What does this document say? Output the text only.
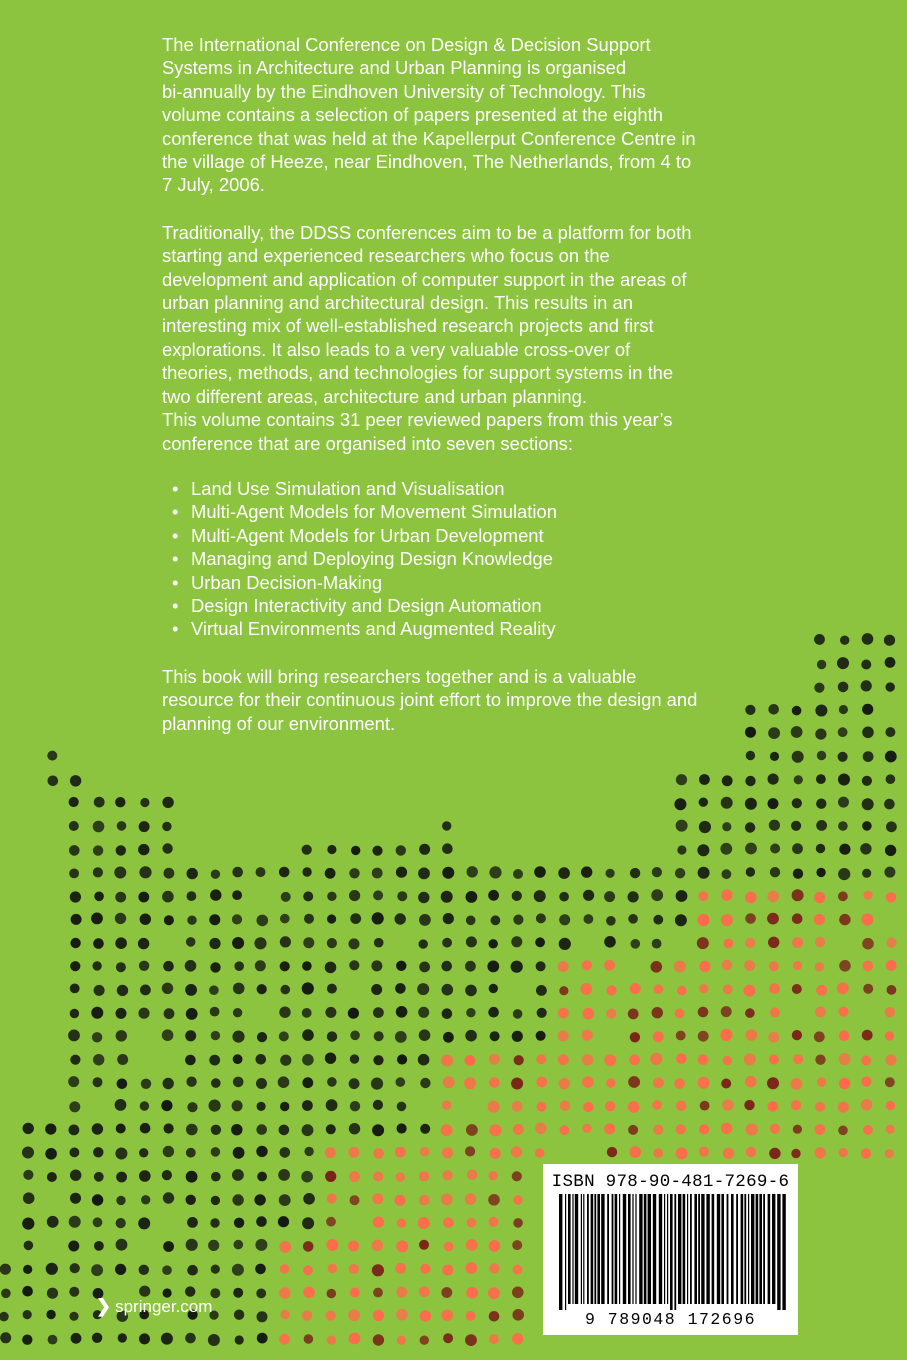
The International Conference on Design & Decision Support
Systems in Architecture and Urban Planning is organised
bi-annually by the Eindhoven University of Technology. This
volume contains a selection of papers presented at the eighth
conference that was held at the Kapellerput Conference Centre in
the village of Heeze, near Eindhoven, The Netherlands, from 4 to
7 July, 2006.

Traditionally, the DDSS conferences aim to be a platform for both
starting and experienced researchers who focus on the
development and application of computer support in the areas of
urban planning and architectural design. This results in an
interesting mix of well-established research projects and first
explorations. It also leads to a very valuable cross-over of
theories, methods, and technologies for support systems in the
two different areas, architecture and urban planning.

This volume contains 31 peer reviewed papers from this year’s
conference that are organised into seven sections:

• Land Use Simulation and Visualisation
• Multi-Agent Models for Movement Simulation
• Multi-Agent Models for Urban Development
• Managing and Deploying Design Knowledge
• Urban Decision-Making
• Design Interactivity and Design Automation
• Virtual Environments and Augmented Reality

This book will bring researchers together and is a valuable
resource for their continuous joint effort to improve the design and
planning of our environment.

❯ springer.com
ISBN 978-90-481-7269-6
9 789048 172696
